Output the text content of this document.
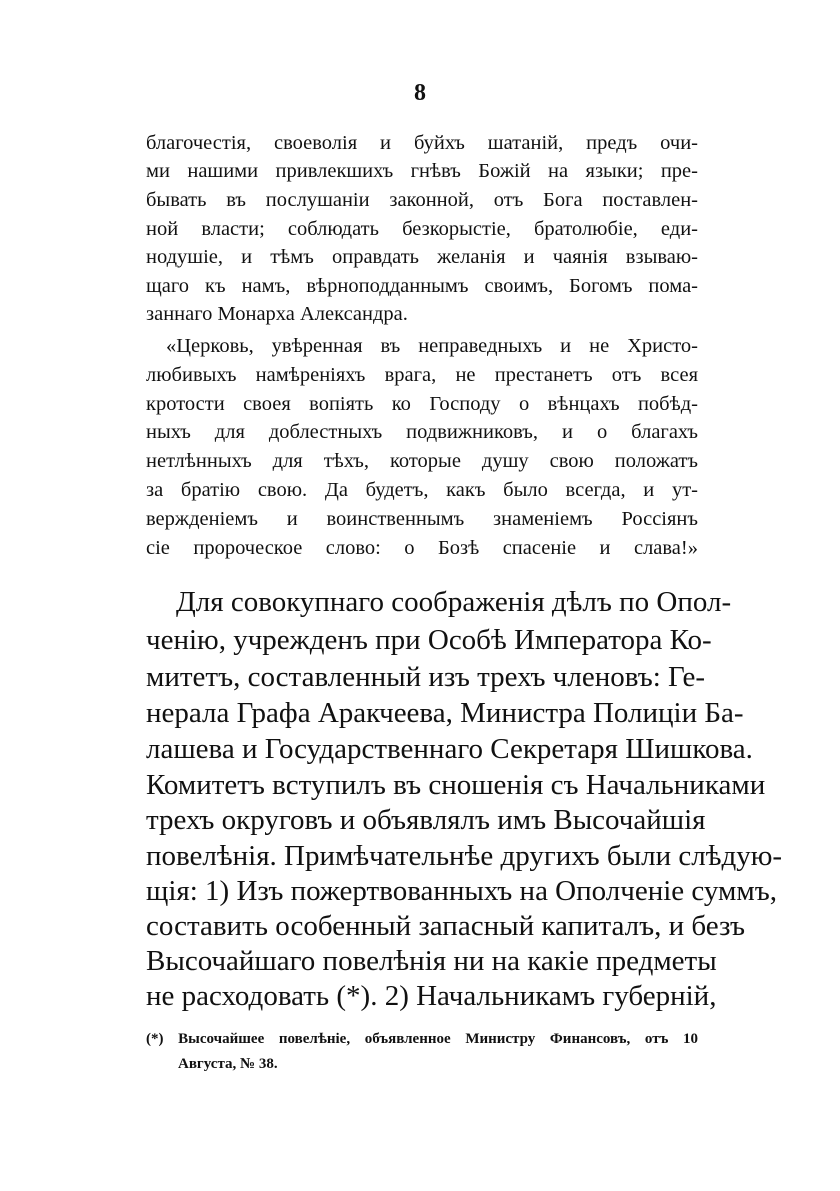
8
благочестія, своеволія и буйхъ шатаній, предъ очи-
ми нашими привлекшихъ гнѣвъ Божій на языки; пре-
бывать въ послушаніи законной, отъ Бога поставлен-
ной власти; соблюдать безкорыстіе, братолюбіе, еди-
нодушіе, и тѣмъ оправдать желанія и чаянія взываю-
щаго къ намъ, вѣрноподданнымъ своимъ, Богомъ пома-
заннаго Монарха Александра.
«Церковь, увѣренная въ неправедныхъ и не Христо-
любивыхъ намѣреніяхъ врага, не престанетъ отъ всея
кротости своея вопіять ко Господу о вѣнцахъ побѣд-
ныхъ для доблестныхъ подвижниковъ, и о благахъ
нетлѣнныхъ для тѣхъ, которые душу свою положатъ
за братію свою. Да будетъ, какъ было всегда, и ут-
вержденіемъ и воинственнымъ знаменіемъ Россіянъ
сіе пророческое слово: о Бозѣ спасеніе и слава!»
Для совокупнаго соображенія дѣлъ по Опол-
ченію, учрежденъ при Особѣ Императора Ко-
митетъ, составленный изъ трехъ членовъ: Ге-
нерала Графа Аракчеева, Министра Полиціи Ба-
лашева и Государственнаго Секретаря Шишкова.
Комитетъ вступилъ въ сношенія съ Начальниками
трехъ округовъ и объявлялъ имъ Высочайшія
повелѣнія. Примѣчательнѣе другихъ были слѣдую-
щія: 1) Изъ пожертвованныхъ на Ополченіе суммъ,
составить особенный запасный капиталъ, и безъ
Высочайшаго повелѣнія ни на какіе предметы
не расходовать (*). 2) Начальникамъ губерній,
(*) Высочайшее повелѣніе, объявленное Министру Финансовъ, отъ 10
Августа, № 38.
